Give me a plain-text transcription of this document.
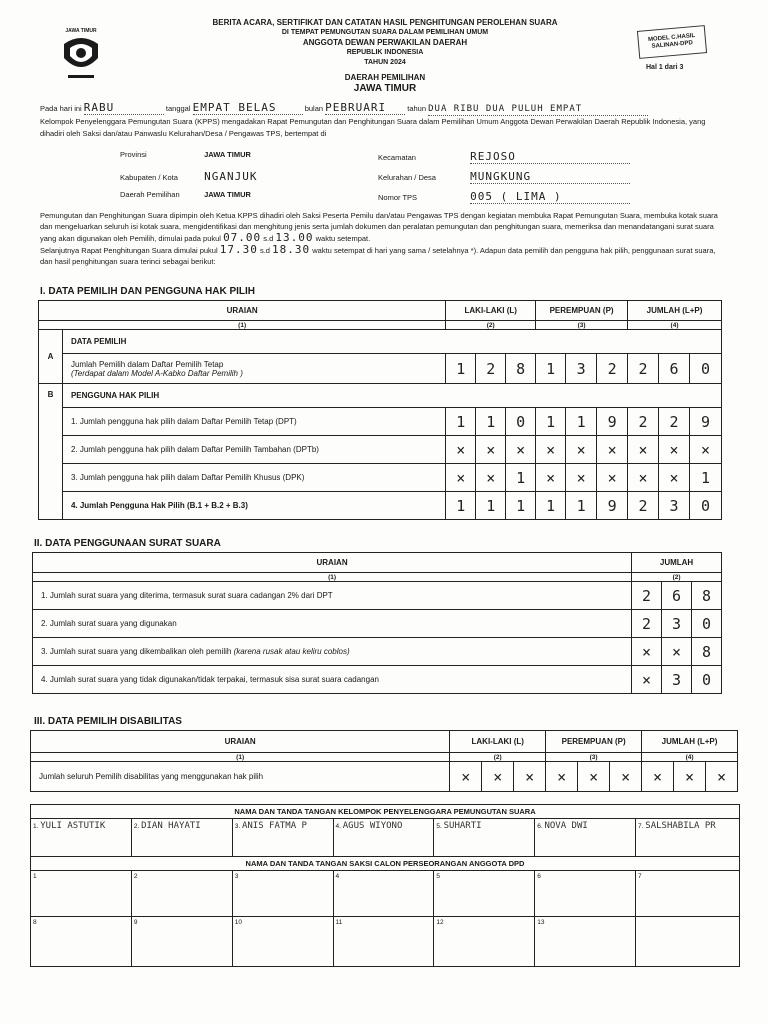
JAWA TIMUR
BERITA ACARA, SERTIFIKAT DAN CATATAN HASIL PENGHITUNGAN PEROLEHAN SUARA
DI TEMPAT PEMUNGUTAN SUARA DALAM PEMILIHAN UMUM
ANGGOTA DEWAN PERWAKILAN DAERAH
REPUBLIK INDONESIA
TAHUN 2024
MODEL C.HASIL SALINAN-DPD
Hal 1 dari 3
DAERAH PEMILIHAN
JAWA TIMUR
Pada hari ini RABU	tanggal EMPAT BELAS	bulan PEBRUARI	tahun DUA RIBU DUA PULUH EMPAT
Kelompok Penyelenggara Pemungutan Suara (KPPS) mengadakan Rapat Pemungutan dan Penghitungan Suara dalam Pemilihan Umum Anggota Dewan Perwakilan Daerah Republik Indonesia, yang dihadiri oleh Saksi dan/atau Panwaslu Kelurahan/Desa / Pengawas TPS, bertempat di
Provinsi	JAWA TIMUR
Kabupaten / Kota NGANJUK
Daerah Pemilihan	JAWA TIMUR
Kecamatan	REJOSO
Kelurahan / Desa	MUNGKUNG
Nomor TPS	005 ( LIMA )
Pemungutan dan Penghitungan Suara dipimpin oleh Ketua KPPS dihadiri oleh Saksi Peserta Pemilu dan/atau Pengawas TPS dengan kegiatan membuka Rapat Pemungutan Suara, membuka kotak suara dan mengeluarkan seluruh isi kotak suara, mengidentifikasi dan menghitung jenis serta jumlah dokumen dan peralatan pemungutan dan penghitungan suara, memeriksa dan menandatangani surat suara yang akan digunakan oleh Pemilih, dimulai pada pukul 07.00 s.d 13.00 waktu setempat.
Selanjutnya Rapat Penghitungan Suara dimulai pukul 17.30 s.d 18.30 waktu setempat di hari yang sama / setelahnya *). Adapun data pemilih dan pengguna hak pilih, penggunaan surat suara, dan hasil penghitungan suara terinci sebagai berikut:
I. DATA PEMILIH DAN PENGGUNA HAK PILIH
URAIAN		LAKI-LAKI (L)			PEREMPUAN (P)			JUMLAH (L+P)		
(1)		(2)			(3)			(4)		
A	DATA PEMILIH									

	Jumlah Pemilih dalam Daftar Pemilih Tetap
(Terdapat dalam Model A-Kabko Daftar Pemilih )	1	2	8	1	3	2	2	6	0
B	PENGGUNA HAK PILIH									
	1. Jumlah pengguna hak pilih dalam Daftar Pemilih Tetap (DPT)	1	1	0	1	1	9	2	2	9
	2. Jumlah pengguna hak pilih dalam Daftar Pemilih Tambahan (DPTb)	×	×	×	×	×	×	×	×	×
	3. Jumlah pengguna hak pilih dalam Daftar Pemilih Khusus (DPK)	×	×	1	×	×	×	×	×	1
	4. Jumlah Pengguna Hak Pilih (B.1 + B.2 + B.3)	1	1	1	1	1	9	2	3	0
II. DATA PENGGUNAAN SURAT SUARA
URAIAN	JUMLAH		
(1)	(2)		
1. Jumlah surat suara yang diterima, termasuk surat suara cadangan 2% dari DPT	2	6	8
2. Jumlah surat suara yang digunakan	2	3	0
3. Jumlah surat suara yang dikembalikan oleh pemilih (karena rusak atau keliru coblos)	×	×	8
4. Jumlah surat suara yang tidak digunakan/tidak terpakai, termasuk sisa surat suara cadangan	×	3	0
III. DATA PEMILIH DISABILITAS
URAIAN	LAKI-LAKI (L)			PEREMPUAN (P)			JUMLAH (L+P)		
(1)	(2)			(3)			(4)		
Jumlah seluruh Pemilih disabilitas yang menggunakan hak pilih	×	×	×	×	×	×	×	×	×
NAMA DAN TANDA TANGAN KELOMPOK PENYELENGGARA PEMUNGUTAN SUARA						
1. YULI ASTUTIK	2. DIAN HAYATI	3. ANIS FATMA P	4. AGUS WIYONO	5. SUHARTI	6. NOVA DWI	7. SALSHABILA PR
NAMA DAN TANDA TANGAN SAKSI CALON PERSEORANGAN ANGGOTA DPD						
1	2	3	4	5	6	7
8	9	10	11	12	13	
